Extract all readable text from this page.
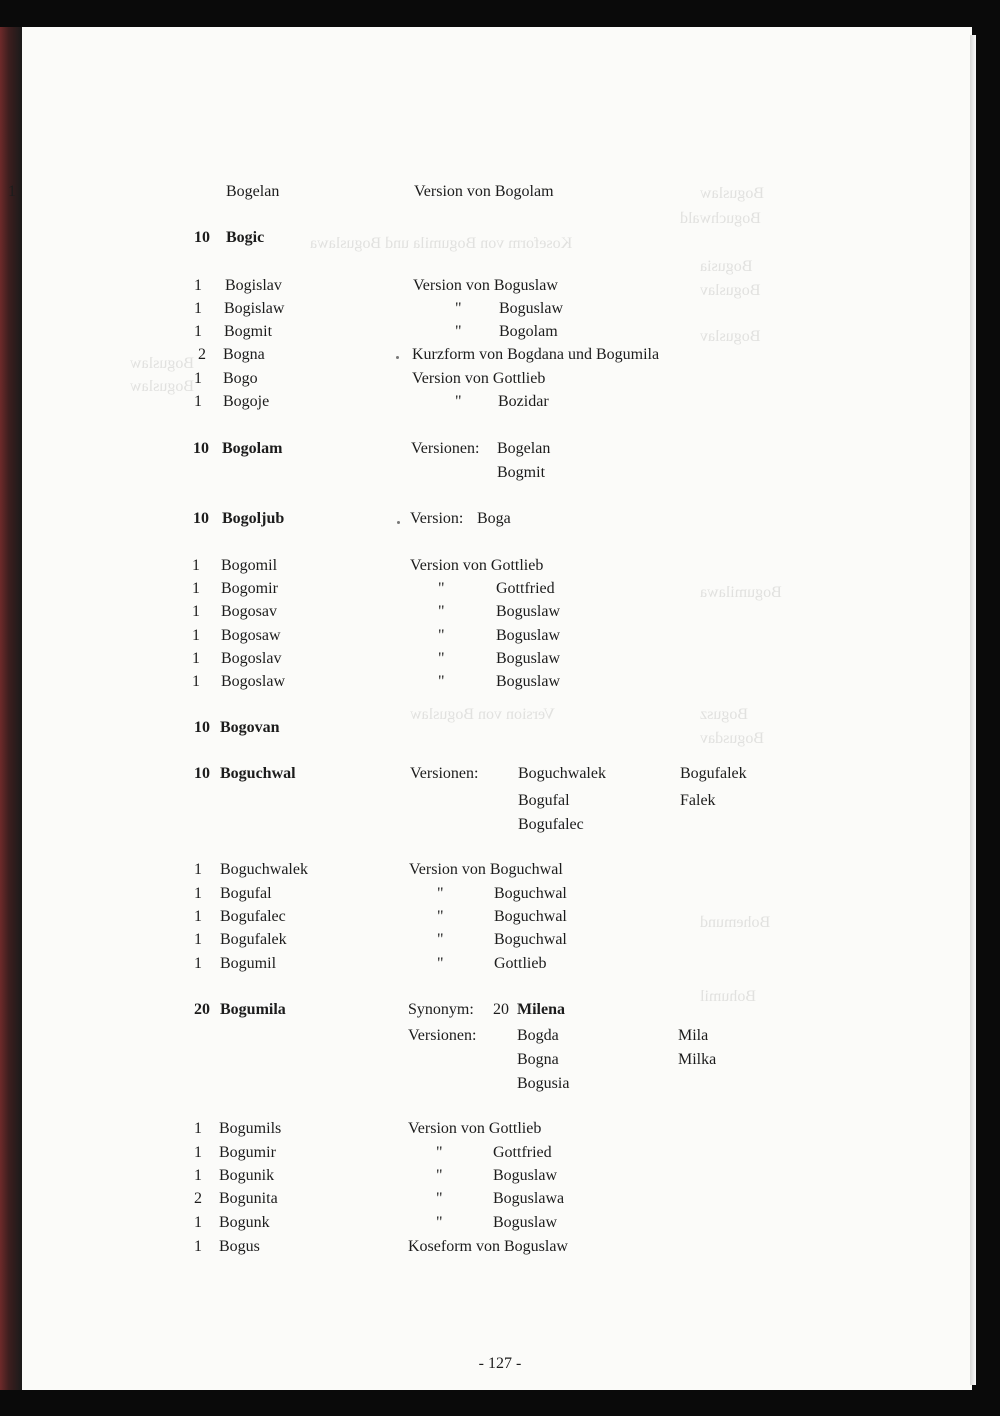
Boguslaw
Boguchwald
Koseform von Bogumila und Boguslawa
Bogusia
Boguslav
Boguslav
Bogumilawa
Version von Boguslaw	Bogusz
Bogusdav
Bohemund
Bohumil
Boguslaw
Boguslaw
1	Bogelan	Version von Bogolam
10 Bogic
1 Bogislav	Version von Boguslaw
1 Bogislaw	" Boguslaw
1 Bogmit	" Bogolam
2 Bogna	Kurzform von Bogdana und Bogumila
1 Bogo	Version von Gottlieb
1 Bogoje	" Bozidar
10 Bogolam	Versionen: Bogelan
Bogmit
10 Bogoljub	Version: Boga
1 Bogomil	Version von Gottlieb
1 Bogomir	"	Gottfried
1 Bogosav	"	Boguslaw
1 Bogosaw	"	Boguslaw
1 Bogoslav	"	Boguslaw
1 Bogoslaw	"	Boguslaw
10 Bogovan
10 Boguchwal	Versionen: Boguchwalek	Bogufalek
Bogufal	Falek
Bogufalec
1 Boguchwalek	Version von Boguchwal
1 Bogufal	"	Boguchwal
1 Bogufalec	"	Boguchwal
1 Bogufalek	"	Boguchwal
1 Bogumil	"	Gottlieb
20 Bogumila	Synonym: 20  Milena
Versionen:	Bogda	Mila
Bogna	Milka
Bogusia
1 Bogumils	Version von Gottlieb
1 Bogumir	"	Gottfried
1 Bogunik	"	Boguslaw
2 Bogunita	"	Boguslawa
1 Bogunk	"	Boguslaw
1 Bogus	Koseform von Boguslaw
- 127 -
